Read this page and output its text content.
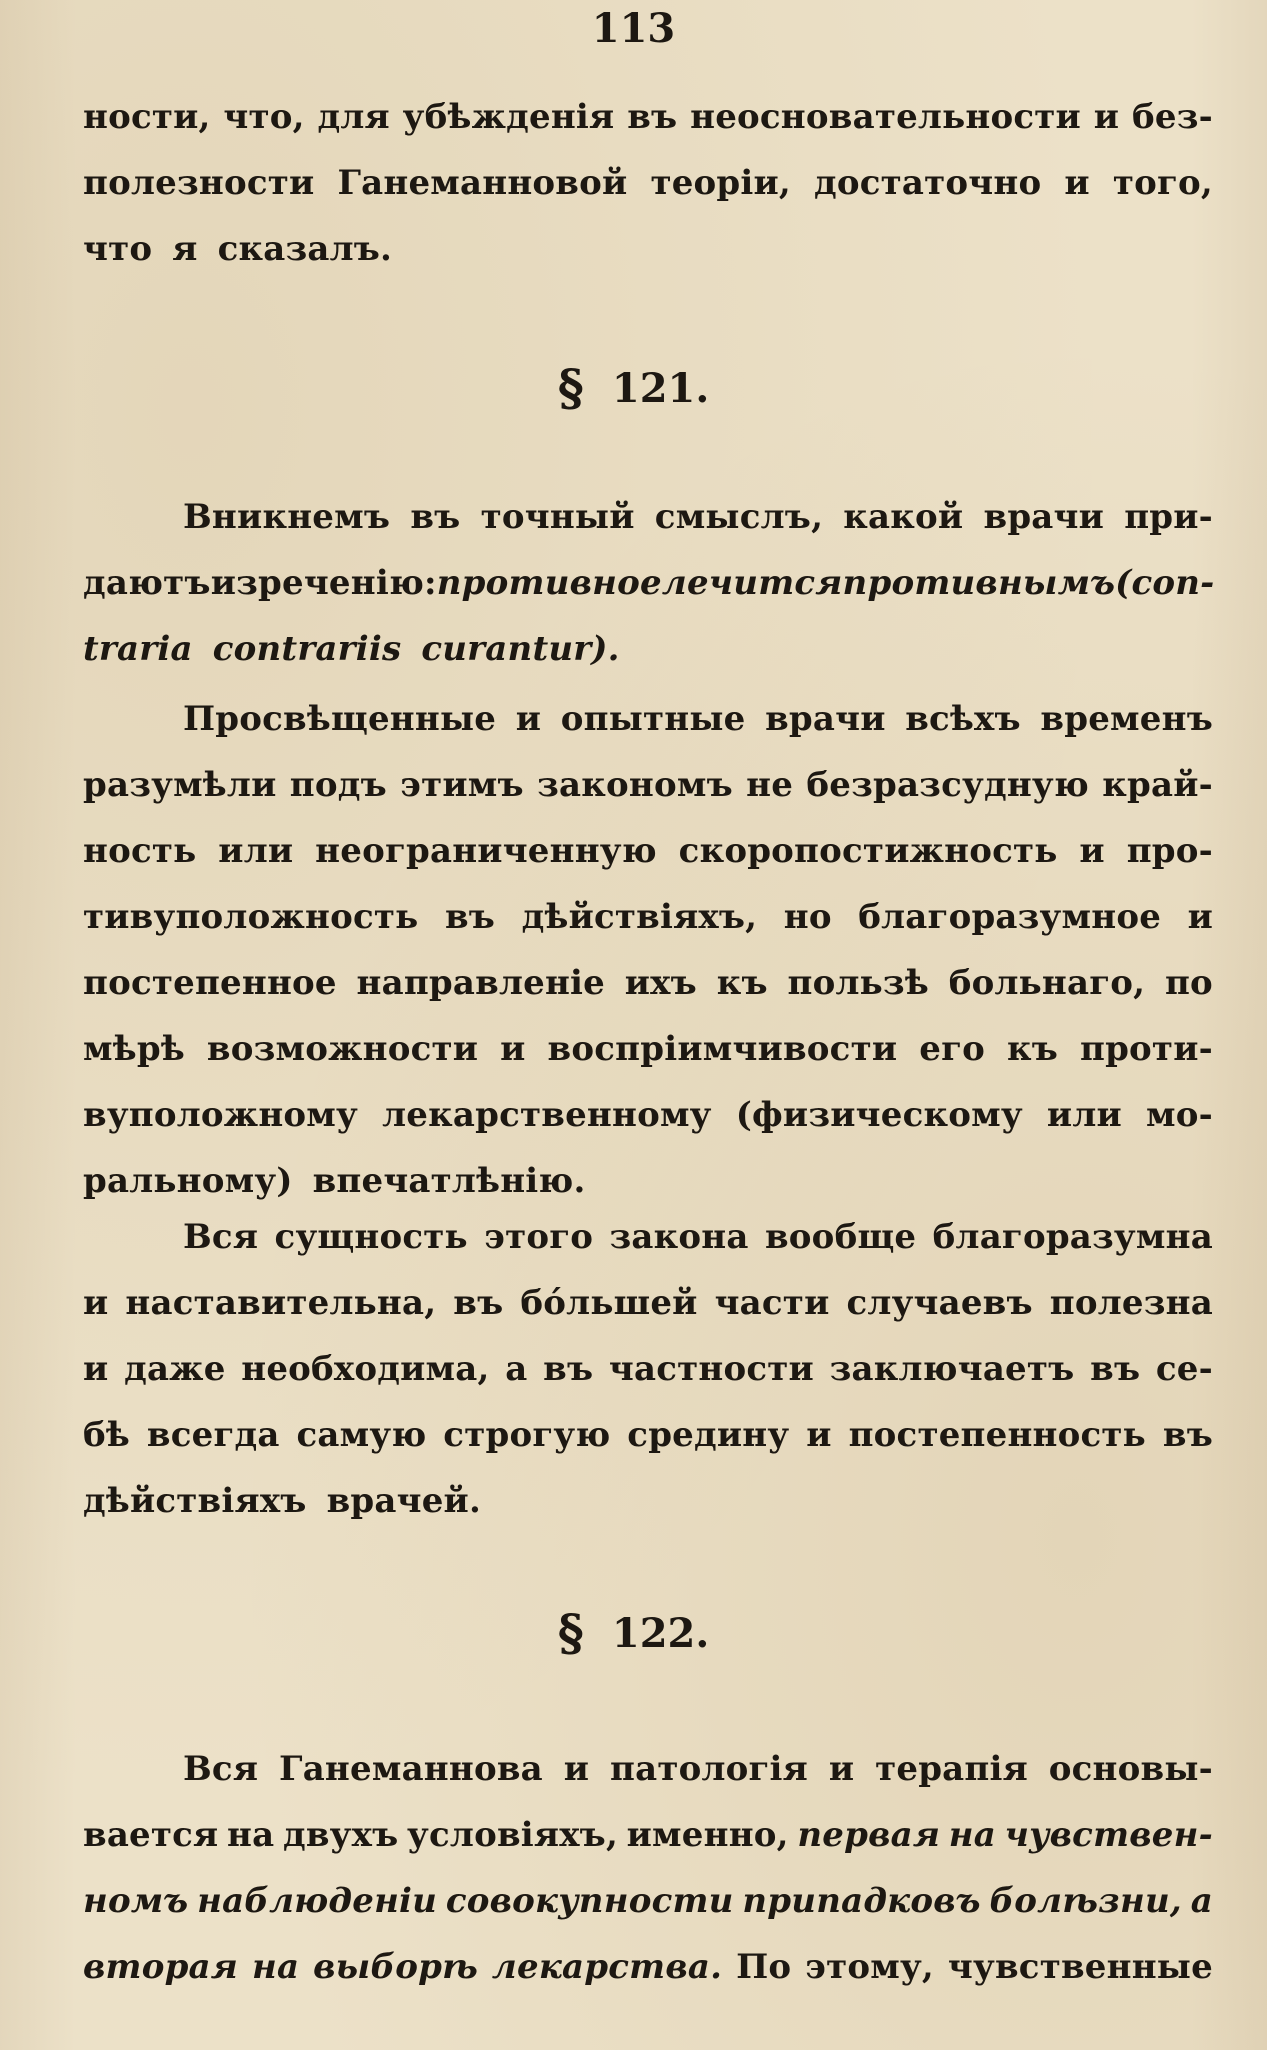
113
ности, что, для убѣжденія въ неосновательности и без-
полезности Ганеманновой теоріи, достаточно и того,
что я сказалъ.
§ 121.
Вникнемъ въ точный смыслъ, какой врачи при-
даютъ изреченію: противное лечится противнымъ (con-
traria contrariis curantur).
Просвѣщенные и опытные врачи всѣхъ временъ
разумѣли подъ этимъ закономъ не безразсудную край-
ность или неограниченную скоропостижность и про-
тивуположность въ дѣйствіяхъ, но благоразумное и
постепенное направленіе ихъ къ пользѣ больнаго, по
мѣрѣ возможности и воспріимчивости его къ проти-
вуположному лекарственному (физическому или мо-
ральному) впечатлѣнію.
Вся сущность этого закона вообще благоразумна
и наставительна, въ бóльшей части случаевъ полезна
и даже необходима, а въ частности заключаетъ въ се-
бѣ всегда самую строгую средину и постепенность въ
дѣйствіяхъ врачей.
§ 122.
Вся Ганеманнова и патологія и терапія основы-
вается на двухъ условіяхъ, именно, первая на чувствен-
номъ наблюденіи совокупности припадковъ болѣзни, а
вторая на выборѣ лекарства. По этому, чувственные
